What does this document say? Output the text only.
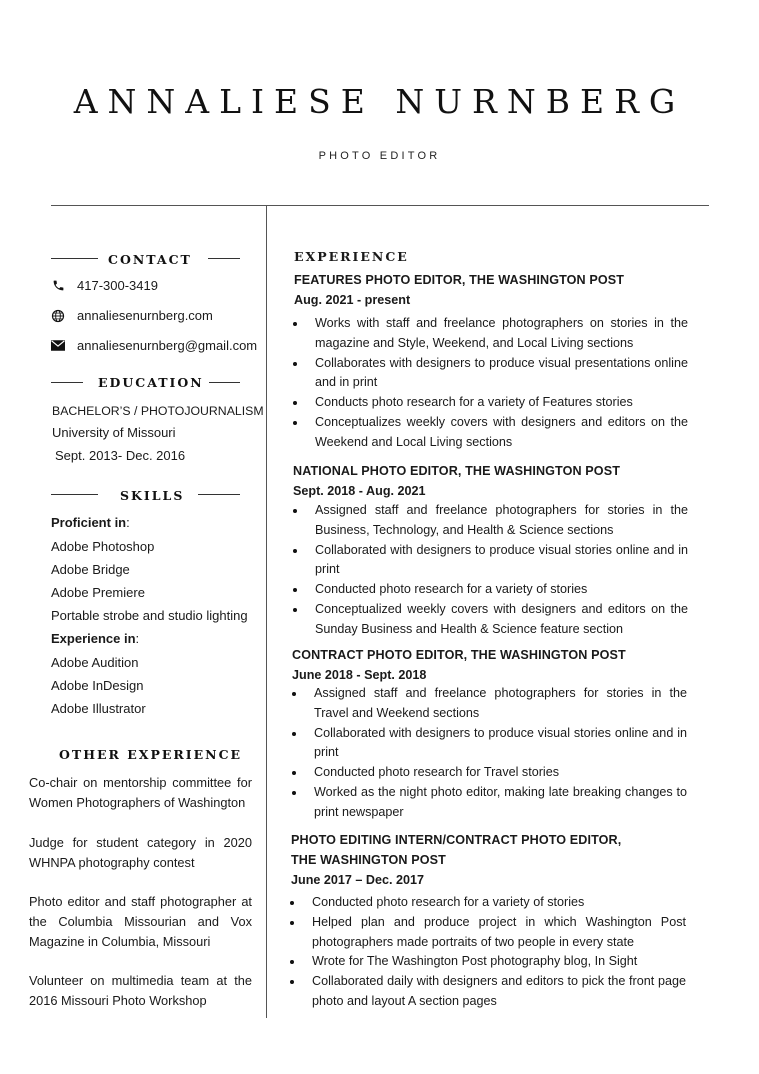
ANNALIESE NURNBERG
PHOTO EDITOR
CONTACT
417-300-3419
annaliesenurnberg.com
annaliesenurnberg@gmail.com
EDUCATION
BACHELOR’S / PHOTOJOURNALISM
University of Missouri
Sept. 2013- Dec. 2016
SKILLS
Proficient in:
Adobe Photoshop
Adobe Bridge
Adobe Premiere
Portable strobe and studio lighting
Experience in:
Adobe Audition
Adobe InDesign
Adobe Illustrator
OTHER EXPERIENCE
Co-chair on mentorship committee for Women Photographers of Washington
Judge for student category in 2020 WHNPA photography contest
Photo editor and staff photographer at the Columbia Missourian and Vox Magazine in Columbia, Missouri
Volunteer on multimedia team at the 2016 Missouri Photo Workshop
EXPERIENCE
FEATURES PHOTO EDITOR, THE WASHINGTON POST
Aug. 2021 - present
Works with staff and freelance photographers on stories in the magazine and Style, Weekend, and Local Living sections
Collaborates with designers to produce visual presentations online and in print
Conducts photo research for a variety of Features stories
Conceptualizes weekly covers with designers and editors on the Weekend and Local Living sections
NATIONAL PHOTO EDITOR, THE WASHINGTON POST
Sept. 2018 - Aug. 2021
Assigned staff and freelance photographers for stories in the Business, Technology, and Health & Science sections
Collaborated with designers to produce visual stories online and in print
Conducted photo research for a variety of stories
Conceptualized weekly covers with designers and editors on the Sunday Business and Health & Science feature section
CONTRACT PHOTO EDITOR, THE WASHINGTON POST
June 2018 - Sept. 2018
Assigned staff and freelance photographers for stories in the Travel and Weekend sections
Collaborated with designers to produce visual stories online and in print
Conducted photo research for Travel stories
Worked as the night photo editor, making late breaking changes to print newspaper
PHOTO EDITING INTERN/CONTRACT PHOTO EDITOR,
THE WASHINGTON POST
June 2017 – Dec. 2017
Conducted photo research for a variety of stories
Helped plan and produce project in which Washington Post photographers made portraits of two people in every state
Wrote for The Washington Post photography blog, In Sight
Collaborated daily with designers and editors to pick the front page photo and layout A section pages
